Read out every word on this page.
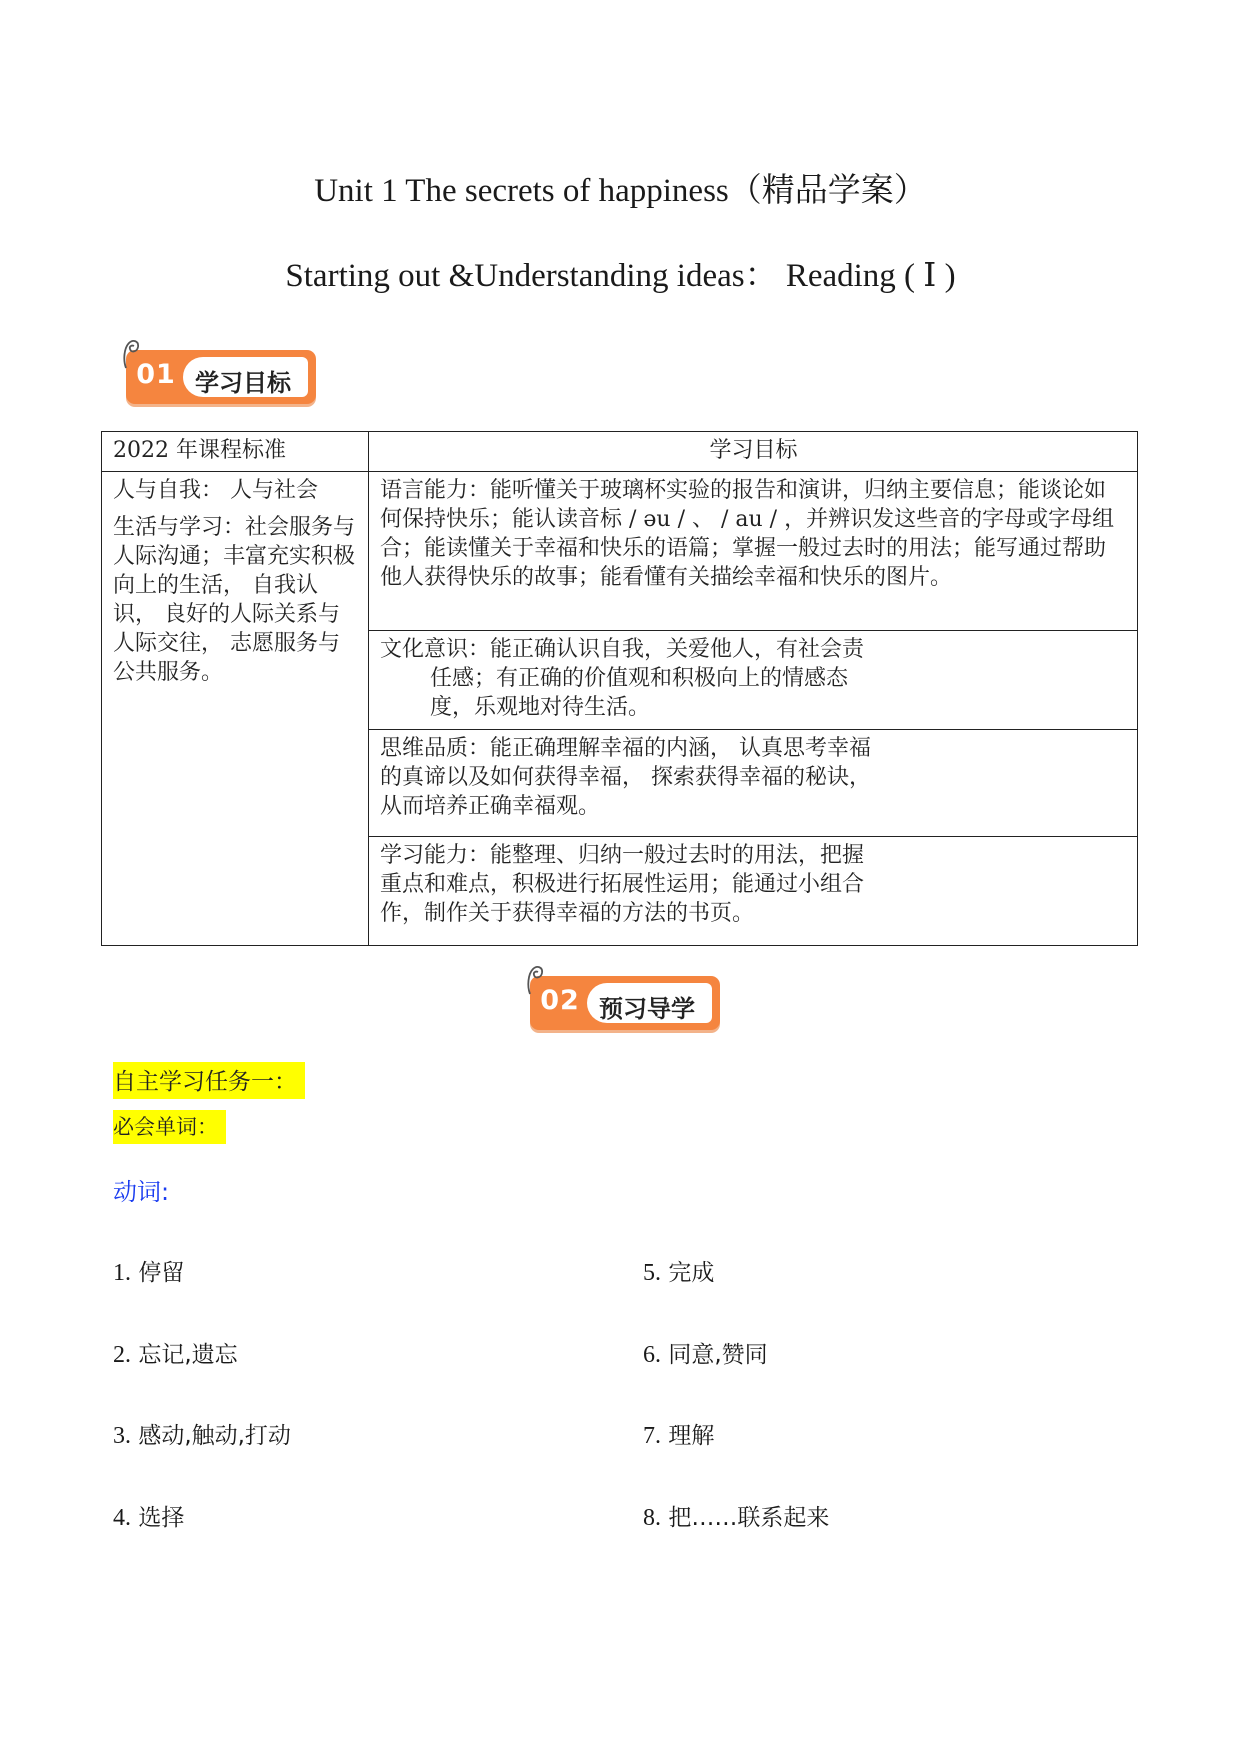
Unit 1 The secrets of happiness（精品学案）
Starting out &Understanding ideas： Reading ( Ⅰ )
01 学习目标
2022 年课程标准	学习目标

人与自我： 人与社会

生活与学习：社会服务与人际沟通；丰富充实积极向上的生活， 自我认识， 良好的人际关系与人际交往， 志愿服务与公共服务。	语言能力：能听懂关于玻璃杯实验的报告和演讲，归纳主要信息；能谈论如何保持快乐；能认读音标 / əu / 、 / au / ，并辨识发这些音的字母或字母组合；能读懂关于幸福和快乐的语篇；掌握一般过去时的用法；能写通过帮助他人获得快乐的故事；能看懂有关描绘幸福和快乐的图片。

	文化意识：能正确认识自我，关爱他人，有社会责
任感；有正确的价值观和积极向上的情感态
度，乐观地对待生活。

	思维品质：能正确理解幸福的内涵， 认真思考幸福
的真谛以及如何获得幸福， 探索获得幸福的秘诀，
从而培养正确幸福观。

	学习能力：能整理、归纳一般过去时的用法，把握
重点和难点，积极进行拓展性运用；能通过小组合
作，制作关于获得幸福的方法的书页。

02 预习导学
自主学习任务一：
必会单词：
动词:
1. 停留
2. 忘记,遗忘
3. 感动,触动,打动
4. 选择
5. 完成
6. 同意,赞同
7. 理解
8. 把……联系起来
